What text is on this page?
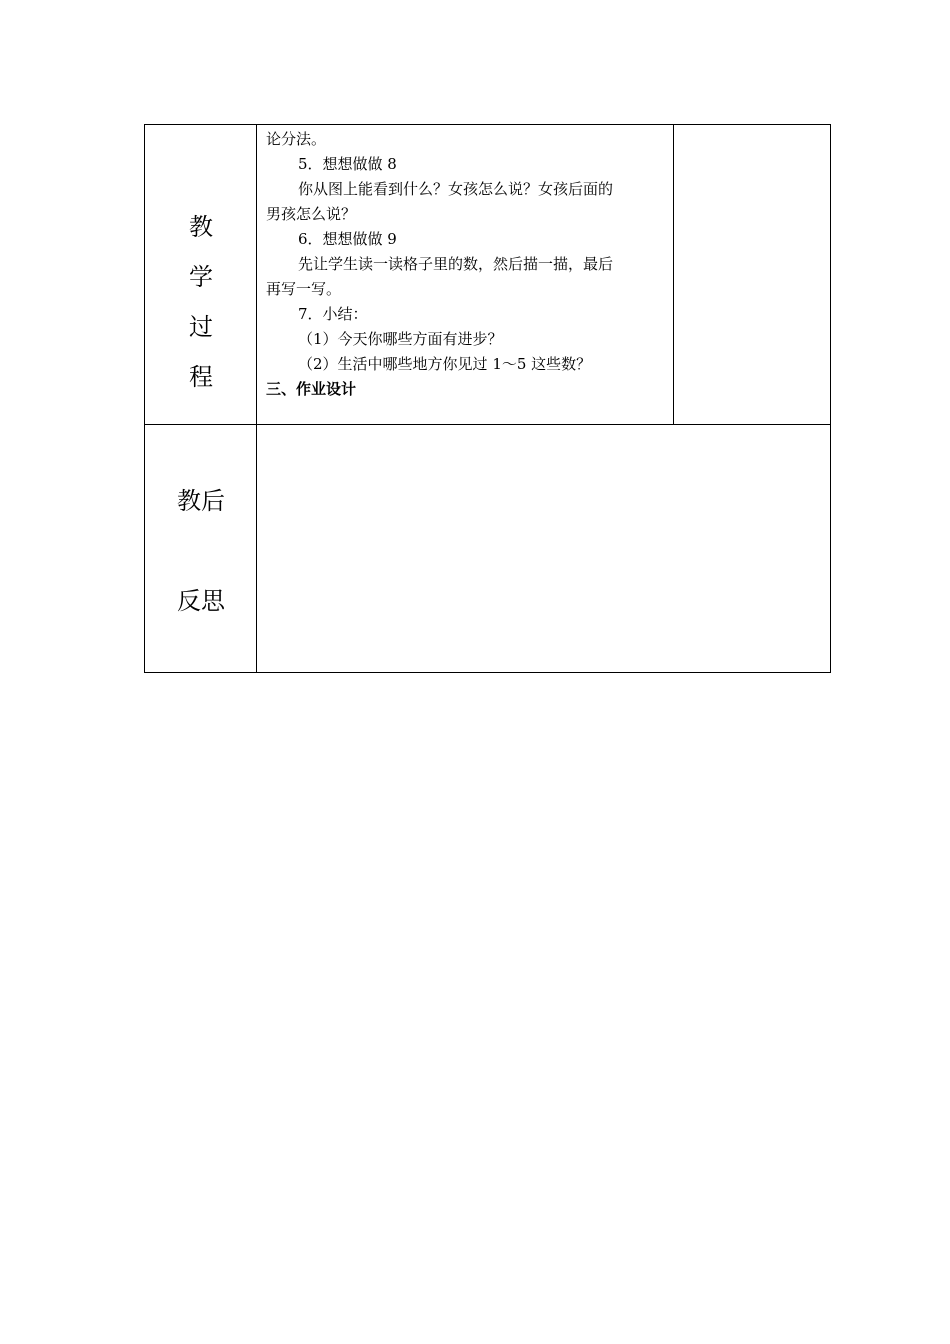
教
学
过
程
论分法。
5．想想做做 8
你从图上能看到什么？女孩怎么说？女孩后面的
男孩怎么说？
6．想想做做 9
先让学生读一读格子里的数，然后描一描，最后
再写一写。
7．小结：
（1）今天你哪些方面有进步？
（2）生活中哪些地方你见过 1～5 这些数？
三、作业设计
教后
反思
